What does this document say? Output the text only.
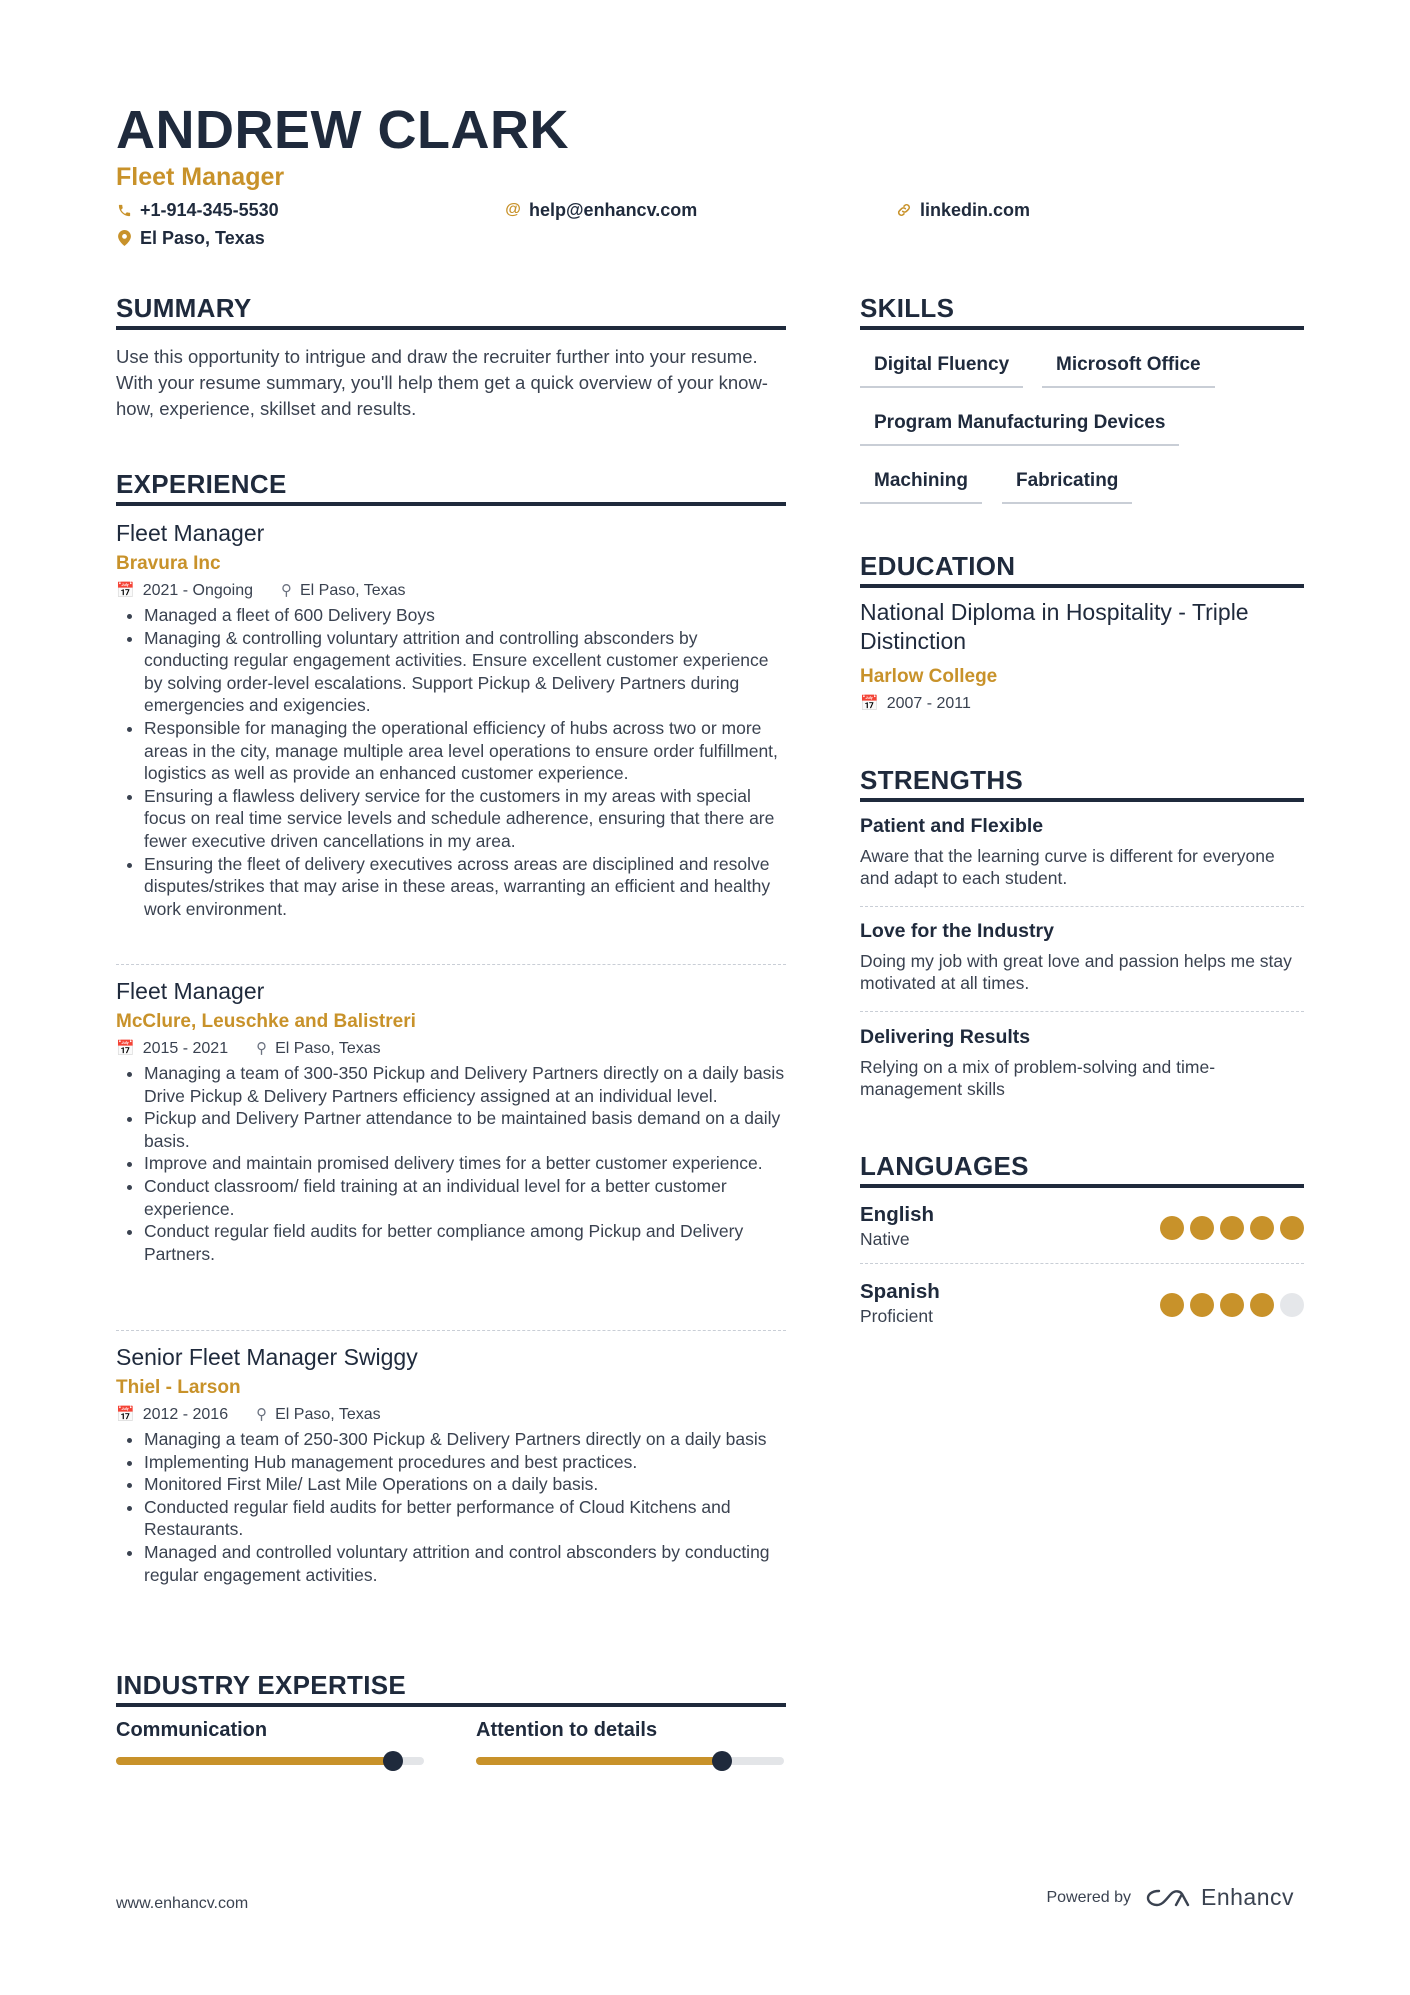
ANDREW CLARK
Fleet Manager
+1-914-345-5530	@ help@enhancv.com	linkedin.com
El Paso, Texas
SUMMARY
Use this opportunity to intrigue and draw the recruiter further into your resume. With your resume summary, you'll help them get a quick overview of your know-how, experience, skillset and results.
EXPERIENCE
Fleet Manager
Bravura Inc
📅 2021 - Ongoing ⚲ El Paso, Texas
• Managed a fleet of 600 Delivery Boys
• Managing & controlling voluntary attrition and controlling absconders by conducting regular engagement activities. Ensure excellent customer experience by solving order-level escalations. Support Pickup & Delivery Partners during emergencies and exigencies.
• Responsible for managing the operational efficiency of hubs across two or more areas in the city, manage multiple area level operations to ensure order fulfillment, logistics as well as provide an enhanced customer experience.
• Ensuring a flawless delivery service for the customers in my areas with special focus on real time service levels and schedule adherence, ensuring that there are fewer executive driven cancellations in my area.
• Ensuring the fleet of delivery executives across areas are disciplined and resolve disputes/strikes that may arise in these areas, warranting an efficient and healthy work environment.
Fleet Manager
McClure, Leuschke and Balistreri
📅 2015 - 2021 ⚲ El Paso, Texas
• Managing a team of 300-350 Pickup and Delivery Partners directly on a daily basis Drive Pickup & Delivery Partners efficiency assigned at an individual level.
• Pickup and Delivery Partner attendance to be maintained basis demand on a daily basis.
• Improve and maintain promised delivery times for a better customer experience.
• Conduct classroom/ field training at an individual level for a better customer experience.
• Conduct regular field audits for better compliance among Pickup and Delivery Partners.
Senior Fleet Manager Swiggy
Thiel - Larson
📅 2012 - 2016 ⚲ El Paso, Texas
• Managing a team of 250-300 Pickup & Delivery Partners directly on a daily basis
• Implementing Hub management procedures and best practices.
• Monitored First Mile/ Last Mile Operations on a daily basis.
• Conducted regular field audits for better performance of Cloud Kitchens and Restaurants.
• Managed and controlled voluntary attrition and control absconders by conducting regular engagement activities.
INDUSTRY EXPERTISE
Communication	Attention to details
SKILLS
Digital Fluency	Microsoft Office
Program Manufacturing Devices
Machining	Fabricating
EDUCATION
National Diploma in Hospitality - Triple Distinction
Harlow College
📅 2007 - 2011
STRENGTHS
Patient and Flexible
Aware that the learning curve is different for everyone and adapt to each student.
Love for the Industry
Doing my job with great love and passion helps me stay motivated at all times.
Delivering Results
Relying on a mix of problem-solving and time-management skills
LANGUAGES
English
Native
Spanish
Proficient
www.enhancv.com	Powered by	Enhancv
